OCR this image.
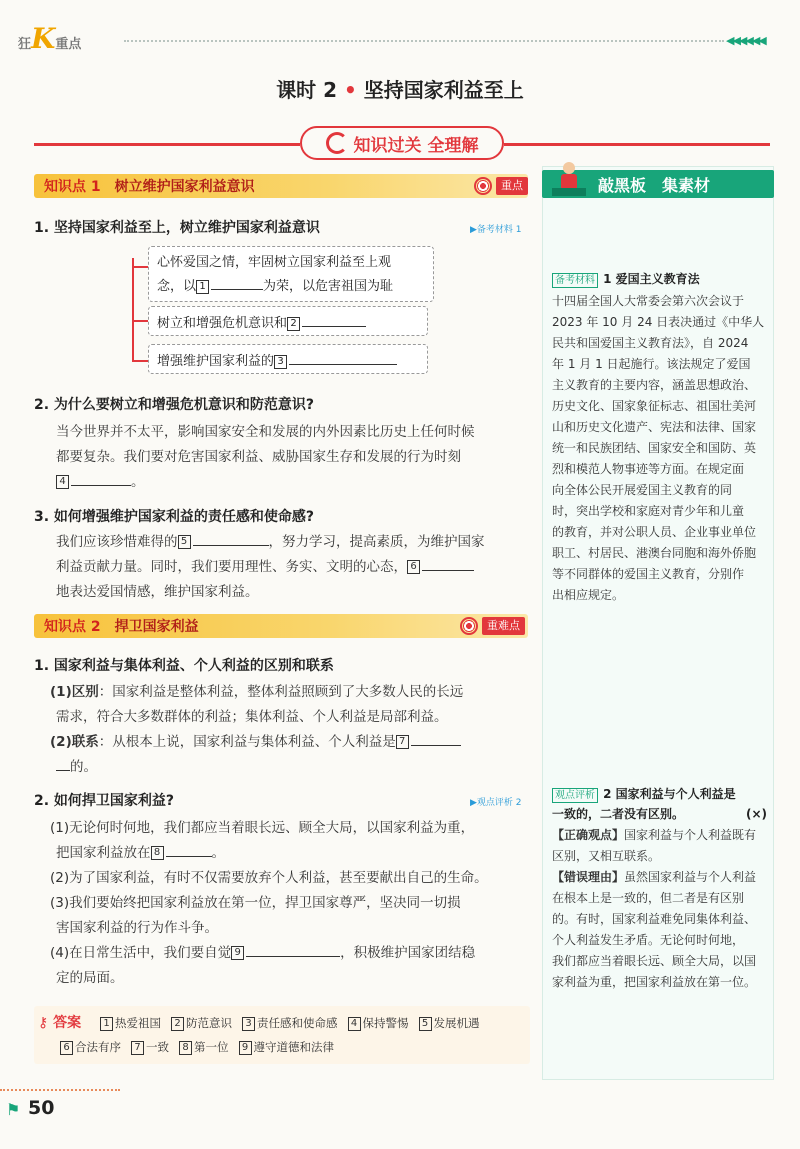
狂K重点	◀◀◀◀◀◀
课时 2 • 坚持国家利益至上
知识过关 全理解
知识点 1　 树立维护国家利益意识	重点
1. 坚持国家利益至上，树立维护国家利益意识	▶备考材料 1
心怀爱国之情，牢固树立国家利益至上观
念，以 1	为荣，以危害祖国为耻
树立和增强危机意识和 2
增强维护国家利益的 3
2. 为什么要树立和增强危机意识和防范意识?
当今世界并不太平，影响国家安全和发展的内外因素比历史上任何时候
都要复杂。我们要对危害国家利益、威胁国家生存和发展的行为时刻
4	。
3. 如何增强维护国家利益的责任感和使命感?
我们应该珍惜难得的 5	，努力学习，提高素质，为维护国家
利益贡献力量。同时，我们要用理性、务实、文明的心态， 6
地表达爱国情感，维护国家利益。
知识点 2　 捍卫国家利益	重难点
1. 国家利益与集体利益、个人利益的区别和联系
(1)区别：国家利益是整体利益，整体利益照顾到了大多数人民的长远
需求，符合大多数群体的利益；集体利益、个人利益是局部利益。
(2)联系：从根本上说，国家利益与集体利益、个人利益是 7
的。
2. 如何捍卫国家利益?	▶观点评析 2
(1)无论何时何地，我们都应当着眼长远、顾全大局，以国家利益为重，
把国家利益放在 8	。
(2)为了国家利益，有时不仅需要放弃个人利益，甚至要献出自己的生命。
(3)我们要始终把国家利益放在第一位，捍卫国家尊严，坚决同一切损
害国家利益的行为作斗争。
(4)在日常生活中，我们要自觉 9	，积极维护国家团结稳
定的局面。
⚷ 答案	1 热爱祖国 2 防范意识 3 责任感和使命感 4 保持警惕 5 发展机遇
6 合法有序 7 一致 8 第一位 9 遵守道德和法律
敲黑板　集素材
备考材料 1 爱国主义教育法
十四届全国人大常委会第六次会议于
2023 年 10 月 24 日表决通过《中华人
民共和国爱国主义教育法》，自 2024
年 1 月 1 日起施行。该法规定了爱国
主义教育的主要内容，涵盖思想政治、
历史文化、国家象征标志、祖国壮美河
山和历史文化遗产、宪法和法律、国家
统一和民族团结、国家安全和国防、英
烈和模范人物事迹等方面。在规定面
向全体公民开展爱国主义教育的同
时，突出学校和家庭对青少年和儿童
的教育，并对公职人员、企业事业单位
职工、村居民、港澳台同胞和海外侨胞
等不同群体的爱国主义教育，分别作
出相应规定。
观点评析 2 国家利益与个人利益是
一致的，二者没有区别。	(×)
【正确观点】国家利益与个人利益既有
区别，又相互联系。
【错误理由】虽然国家利益与个人利益
在根本上是一致的，但二者是有区别
的。有时，国家利益难免同集体利益、
个人利益发生矛盾。无论何时何地，
我们都应当着眼长远、顾全大局，以国
家利益为重，把国家利益放在第一位。
⚑ 50
